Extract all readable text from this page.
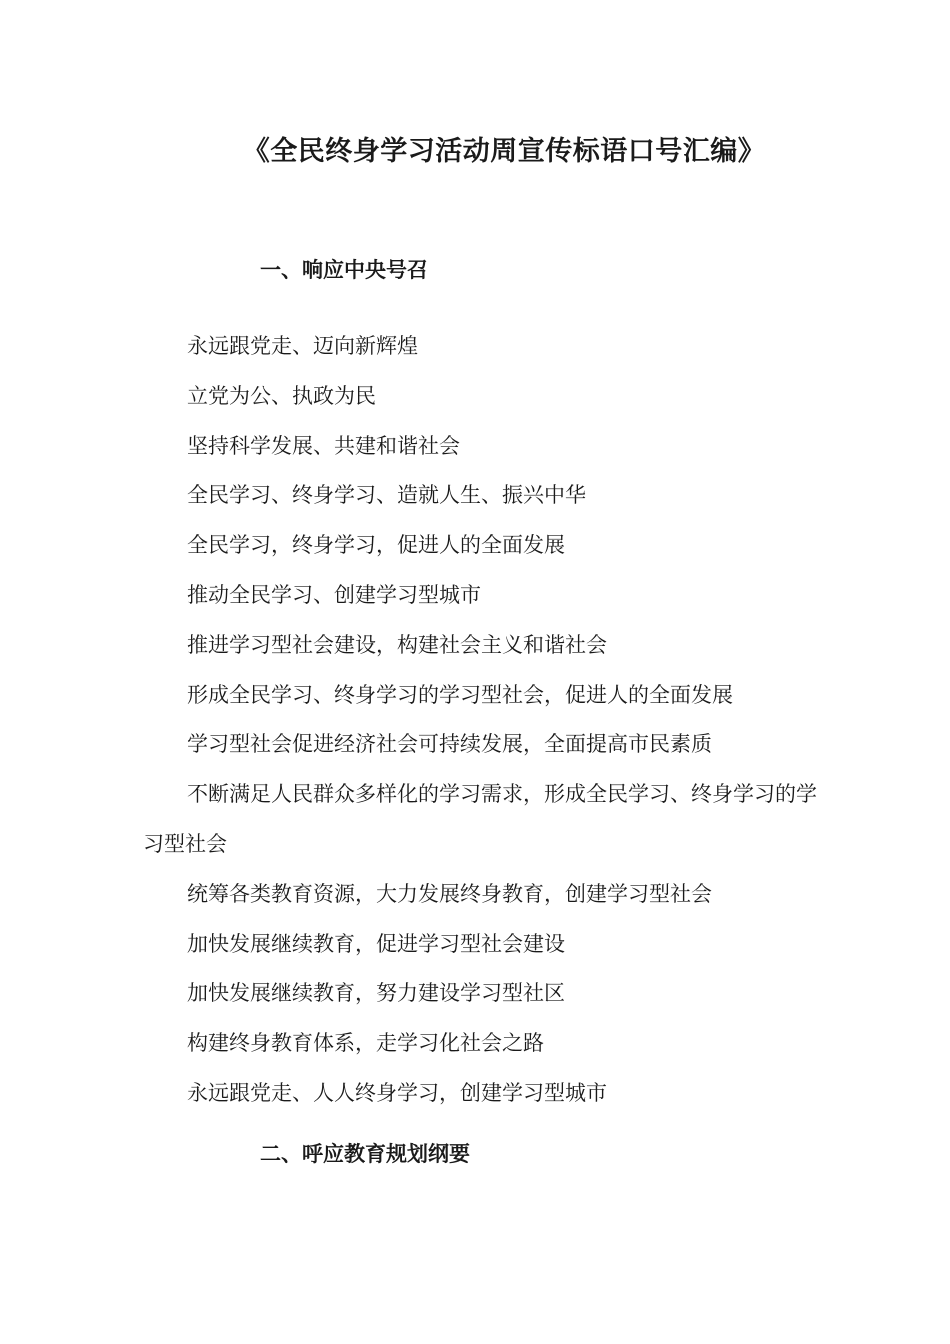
《全民终身学习活动周宣传标语口号汇编》
一、响应中央号召
永远跟党走、迈向新辉煌
立党为公、执政为民
坚持科学发展、共建和谐社会
全民学习、终身学习、造就人生、振兴中华
全民学习，终身学习，促进人的全面发展
推动全民学习、创建学习型城市
推进学习型社会建设，构建社会主义和谐社会
形成全民学习、终身学习的学习型社会，促进人的全面发展
学习型社会促进经济社会可持续发展，全面提高市民素质
不断满足人民群众多样化的学习需求，形成全民学习、终身学习的学习型社会
统筹各类教育资源，大力发展终身教育，创建学习型社会
加快发展继续教育，促进学习型社会建设
加快发展继续教育，努力建设学习型社区
构建终身教育体系，走学习化社会之路
永远跟党走、人人终身学习，创建学习型城市
二、呼应教育规划纲要
